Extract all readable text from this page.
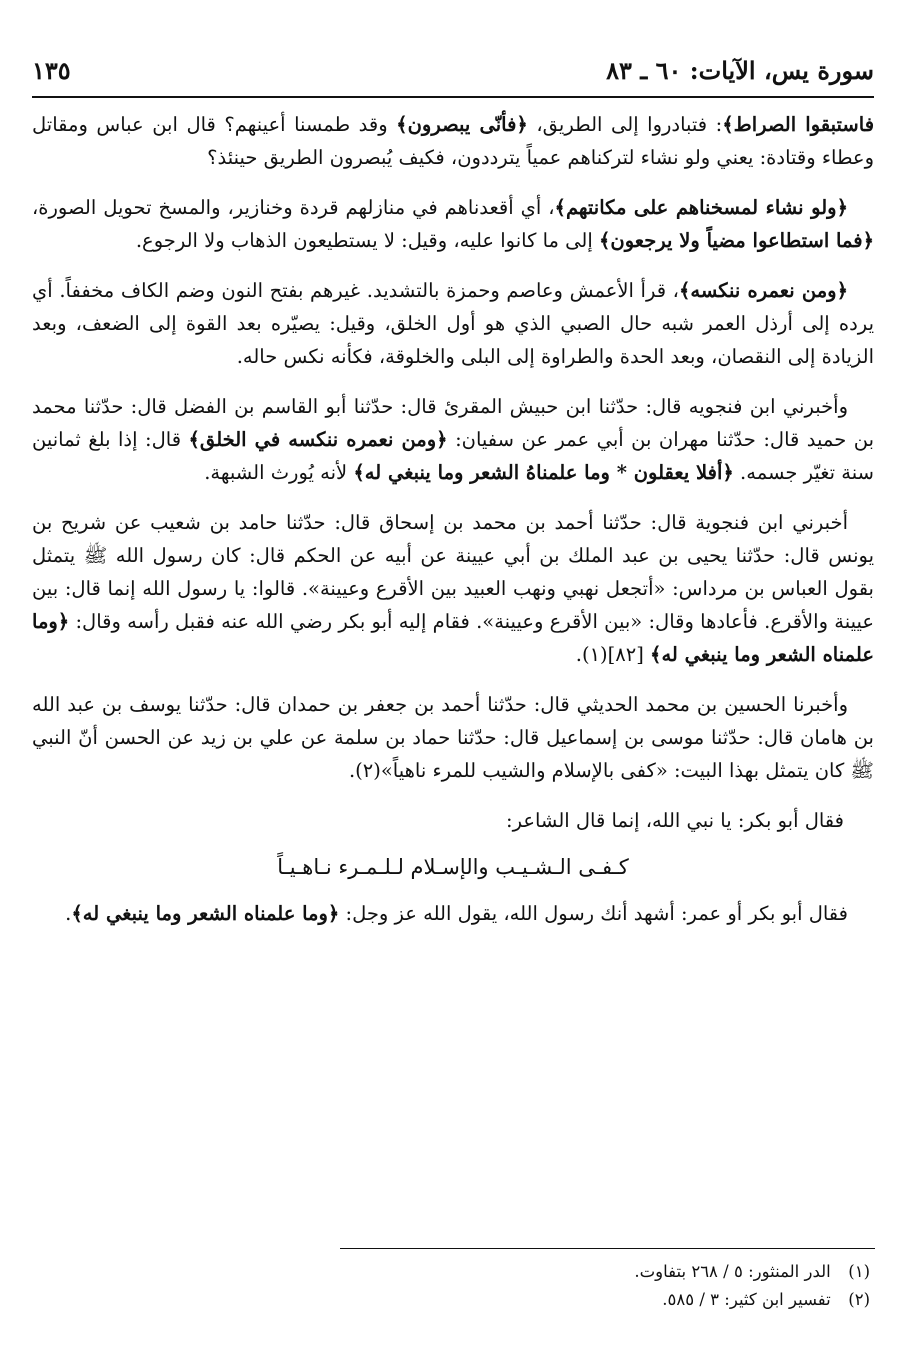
سورة يس، الآيات: ٦٠ ـ ٨٣
١٣٥

فاستبقوا الصراط﴾: فتبادروا إلى الطريق، ﴿فأنّى يبصرون﴾ وقد طمسنا أعينهم؟ قال ابن عباس ومقاتل وعطاء وقتادة: يعني ولو نشاء لتركناهم عمياً يترددون، فكيف يُبصرون الطريق حينئذ؟

﴿ولو نشاء لمسخناهم على مكانتهم﴾، أي أقعدناهم في منازلهم قردة وخنازير، والمسخ تحويل الصورة، ﴿فما استطاعوا مضياً ولا يرجعون﴾ إلى ما كانوا عليه، وقيل: لا يستطيعون الذهاب ولا الرجوع.

﴿ومن نعمره ننكسه﴾، قرأ الأعمش وعاصم وحمزة بالتشديد. غيرهم بفتح النون وضم الكاف مخففاً. أي يرده إلى أرذل العمر شبه حال الصبي الذي هو أول الخلق، وقيل: يصيّره بعد القوة إلى الضعف، وبعد الزيادة إلى النقصان، وبعد الحدة والطراوة إلى البلى والخلوقة، فكأنه نكس حاله.

وأخبرني ابن فنجويه قال: حدّثنا ابن حبيش المقرئ قال: حدّثنا أبو القاسم بن الفضل قال: حدّثنا محمد بن حميد قال: حدّثنا مهران بن أبي عمر عن سفيان: ﴿ومن نعمره ننكسه في الخلق﴾ قال: إذا بلغ ثمانين سنة تغيّر جسمه. ﴿أفلا يعقلون * وما علمناهُ الشعر وما ينبغي له﴾ لأنه يُورث الشبهة.

أخبرني ابن فنجوية قال: حدّثنا أحمد بن محمد بن إسحاق قال: حدّثنا حامد بن شعيب عن شريح بن يونس قال: حدّثنا يحيى بن عبد الملك بن أبي عيينة عن أبيه عن الحكم قال: كان رسول الله ﷺ يتمثل بقول العباس بن مرداس: «أتجعل نهبي ونهب العبيد بين الأقرع وعيينة». قالوا: يا رسول الله إنما قال: بين عيينة والأقرع. فأعادها وقال: «بين الأقرع وعيينة». فقام إليه أبو بكر رضي الله عنه فقبل رأسه وقال: ﴿وما علمناه الشعر وما ينبغي له﴾ [٨٢](١).

وأخبرنا الحسين بن محمد الحديثي قال: حدّثنا أحمد بن جعفر بن حمدان قال: حدّثنا يوسف بن عبد الله بن هامان قال: حدّثنا موسى بن إسماعيل قال: حدّثنا حماد بن سلمة عن علي بن زيد عن الحسن أنّ النبي ﷺ كان يتمثل بهذا البيت: «كفى بالإسلام والشيب للمرء ناهياً»(٢).

فقال أبو بكر: يا نبي الله، إنما قال الشاعر:

كـفـى الـشـيـب والإسـلام لـلـمـرء نـاهـيـاً

فقال أبو بكر أو عمر: أشهد أنك رسول الله، يقول الله عز وجل: ﴿وما علمناه الشعر وما ينبغي له﴾.

(١) الدر المنثور: ٥ / ٢٦٨ بتفاوت.

(٢) تفسير ابن كثير: ٣ / ٥٨٥.
